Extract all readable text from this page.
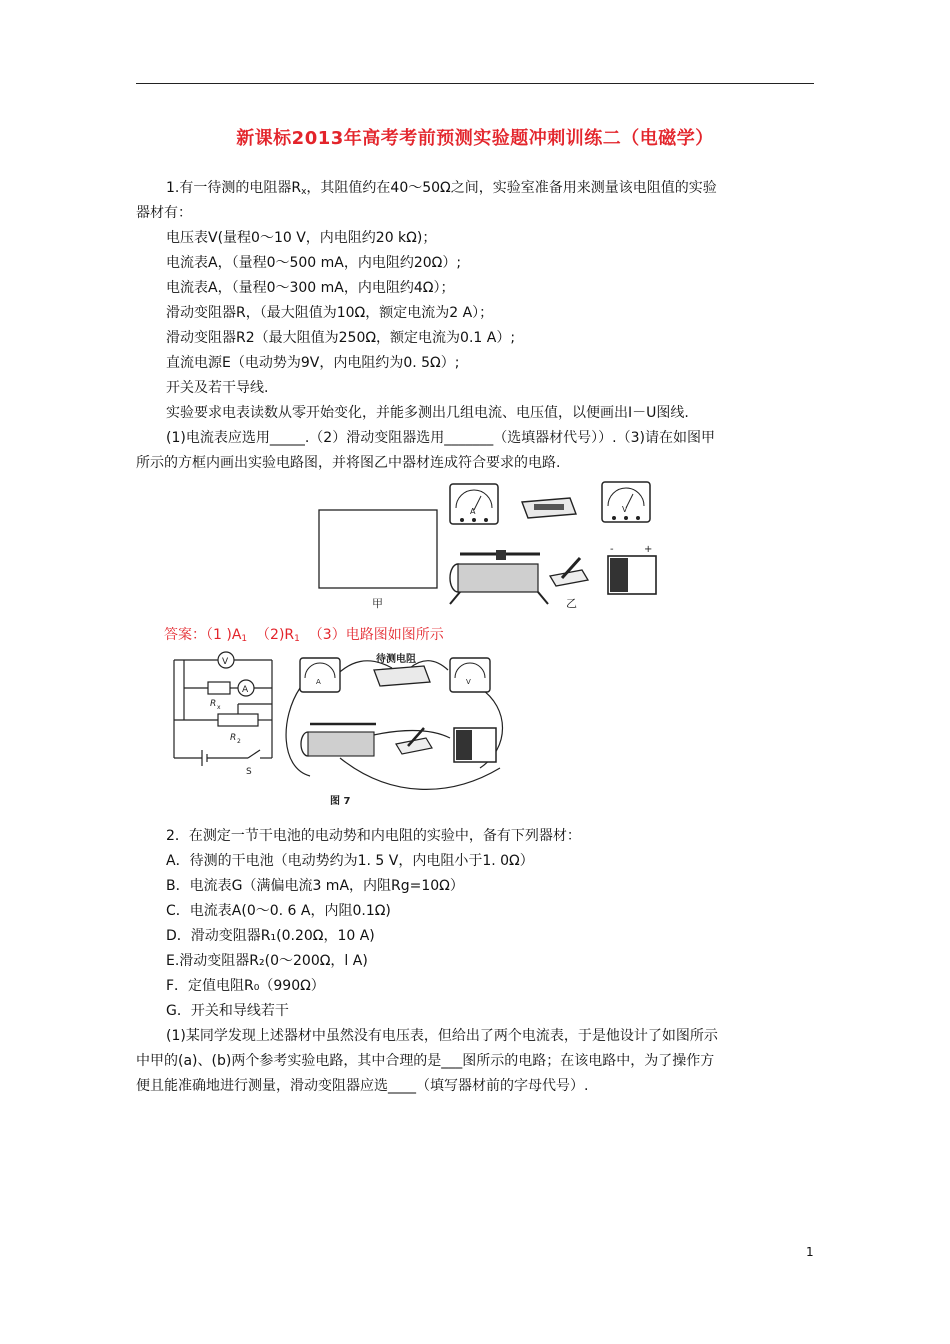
新课标2013年高考考前预测实验题冲刺训练二（电磁学）
1.有一待测的电阻器$R_x$，其阻值约在40～50Ω之间，实验室准备用来测量该电阻值的实验
器材有：
电压表V(量程0～10 V，内电阻约20 kΩ)；
电流表A，（量程0～500 mA，内电阻约20Ω）;
电流表A，（量程0～300 mA，内电阻约4Ω）；
滑动变阻器R，（最大阻值为10Ω，额定电流为2 A）；
滑动变阻器R2（最大阻值为250Ω，额定电流为0.1 A）;
直流电源E（电动势为9V，内电阻约为0. 5Ω）;
开关及若干导线.
实验要求电表读数从零开始变化，并能多测出几组电流、电压值，以便画出I－U图线.
(1)电流表应选用_____.（2）滑动变阻器选用_______（选填器材代号））.（3)请在如图甲
所示的方框内画出实验电路图，并将图乙中器材连成符合要求的电路.
甲
A	V
-	+
乙
答案：（1 )$A_1$ $(2)R_1$ （3）电路图如图所示
V
A
R x
R 2
S
A
待测电阻
V
图 7
2．在测定一节干电池的电动势和内电阻的实验中，备有下列器材：
A．待测的干电池（电动势约为1. 5 V，内电阻小于1. 0Ω）
B．电流表G（满偏电流3 mA，内阻Rg=10Ω）
C．电流表A(0～0. 6 A，内阻0.1Ω)
D．滑动变阻器R₁(0.20Ω，10 A)
E.滑动变阻器R₂(0～200Ω，l A)
F．定值电阻R₀（990Ω）
G．开关和导线若干
(1)某同学发现上述器材中虽然没有电压表，但给出了两个电流表，于是他设计了如图所示
中甲的(a)、(b)两个参考实验电路，其中合理的是___图所示的电路；在该电路中，为了操作方
便且能准确地进行测量，滑动变阻器应选____（填写器材前的字母代号）.
1
